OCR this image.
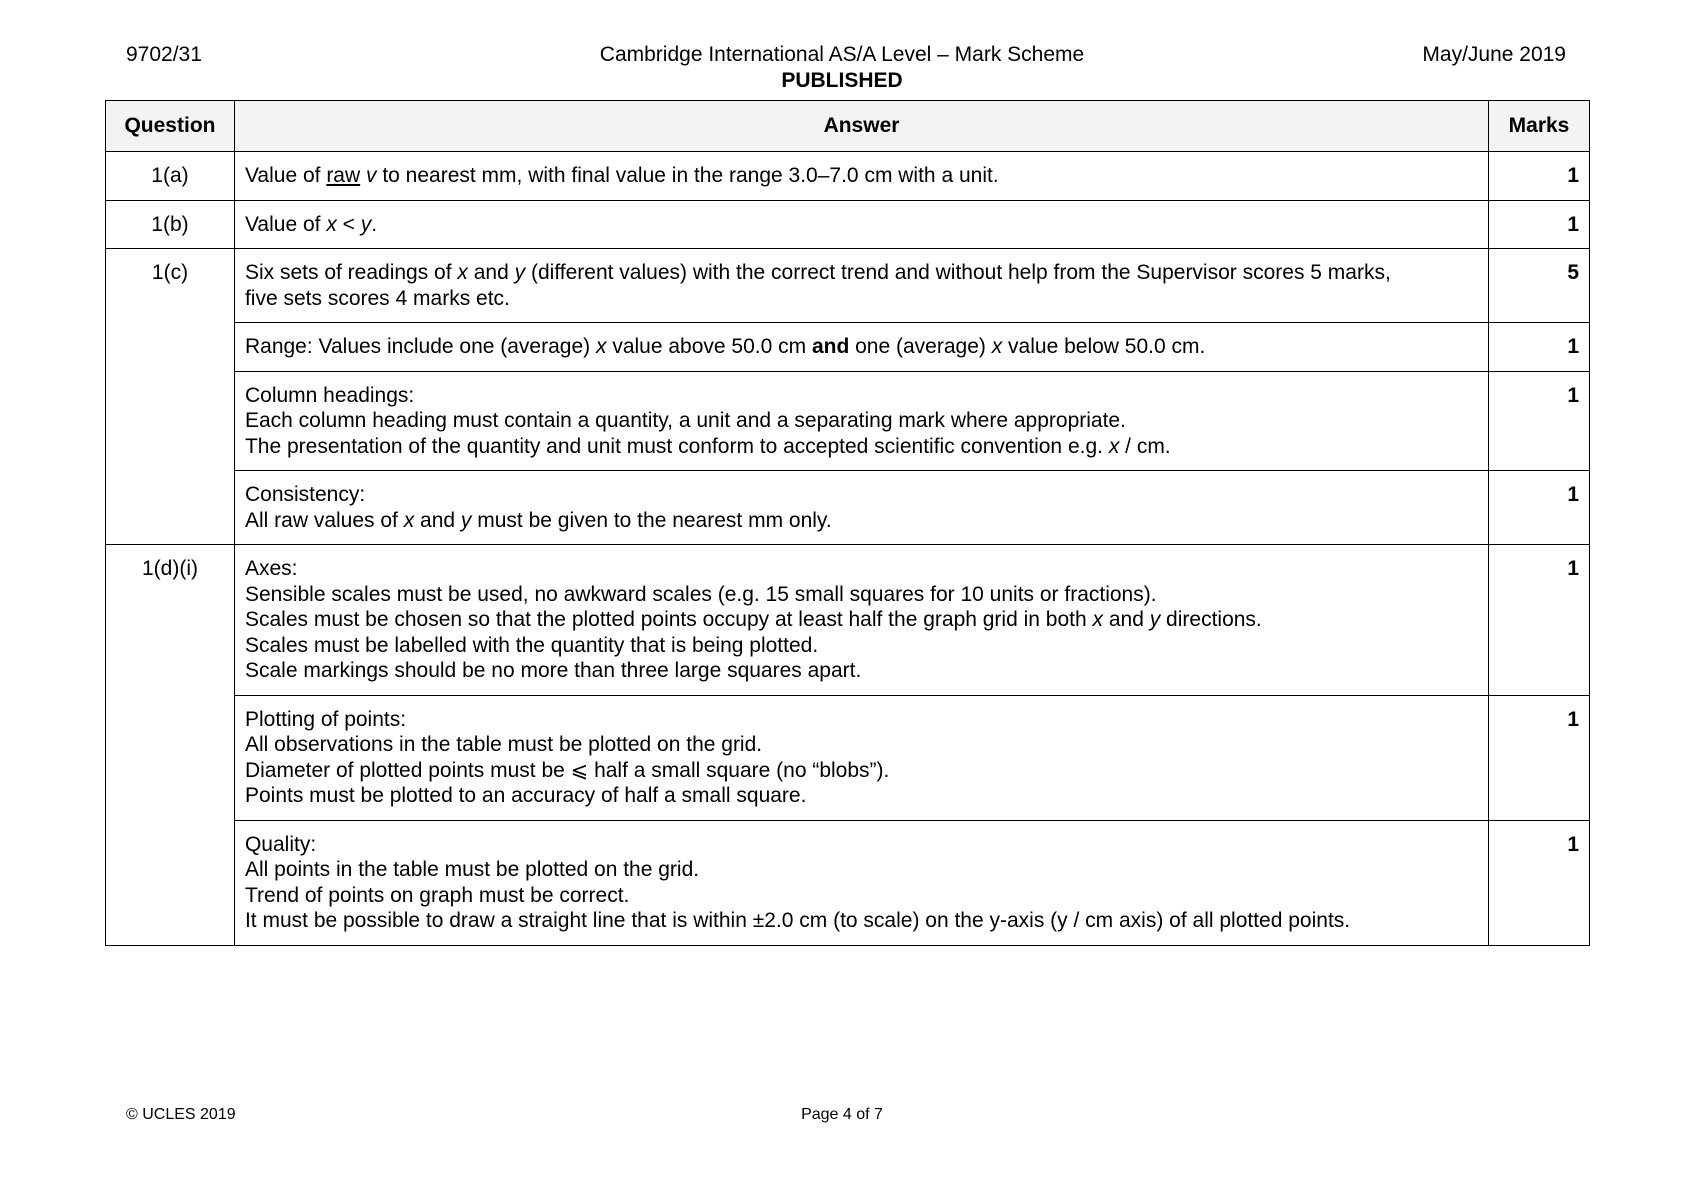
9702/31	Cambridge International AS/A Level – Mark Scheme
PUBLISHED
May/June 2019
Question	Answer	Marks
1(a)	Value of raw v to nearest mm, with final value in the range 3.0–7.0 cm with a unit.	1
1(b)	Value of x < y.	1
1(c)	Six sets of readings of x and y (different values) with the correct trend and without help from the Supervisor scores 5 marks,
five sets scores 4 marks etc.	5

	Range: Values include one (average) x value above 50.0 cm and one (average) x value below 50.0 cm.	1

	Column headings:
Each column heading must contain a quantity, a unit and a separating mark where appropriate.
The presentation of the quantity and unit must conform to accepted scientific convention e.g. x / cm.	1

	Consistency:
All raw values of x and y must be given to the nearest mm only.	1
1(d)(i)	Axes:
Sensible scales must be used, no awkward scales (e.g. 15 small squares for 10 units or fractions).
Scales must be chosen so that the plotted points occupy at least half the graph grid in both x and y directions.
Scales must be labelled with the quantity that is being plotted.
Scale markings should be no more than three large squares apart.	1

	Plotting of points:
All observations in the table must be plotted on the grid.
Diameter of plotted points must be ⩽ half a small square (no “blobs”).
Points must be plotted to an accuracy of half a small square.	1

	Quality:
All points in the table must be plotted on the grid.
Trend of points on graph must be correct.
It must be possible to draw a straight line that is within ±2.0 cm (to scale) on the y-axis (y / cm axis) of all plotted points.	1
© UCLES 2019	Page 4 of 7
